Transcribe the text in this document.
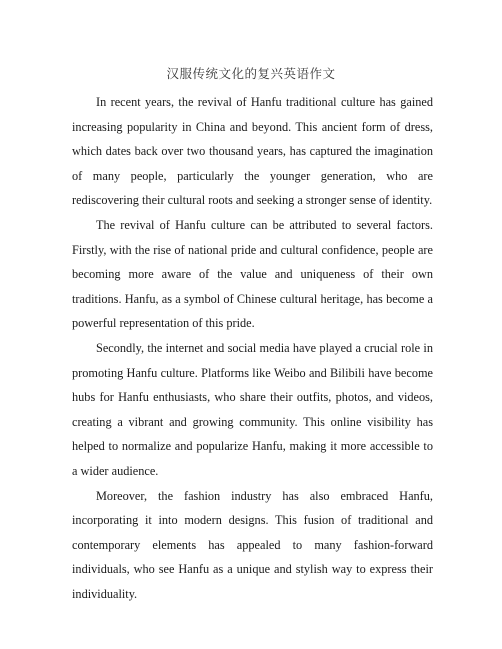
汉服传统文化的复兴英语作文

In recent years, the revival of Hanfu traditional culture has gained increasing popularity in China and beyond. This ancient form of dress, which dates back over two thousand years, has captured the imagination of many people, particularly the younger generation, who are rediscovering their cultural roots and seeking a stronger sense of identity.

The revival of Hanfu culture can be attributed to several factors. Firstly, with the rise of national pride and cultural confidence, people are becoming more aware of the value and uniqueness of their own traditions. Hanfu, as a symbol of Chinese cultural heritage, has become a powerful representation of this pride.

Secondly, the internet and social media have played a crucial role in promoting Hanfu culture. Platforms like Weibo and Bilibili have become hubs for Hanfu enthusiasts, who share their outfits, photos, and videos, creating a vibrant and growing community. This online visibility has helped to normalize and popularize Hanfu, making it more accessible to a wider audience.

Moreover, the fashion industry has also embraced Hanfu, incorporating it into modern designs. This fusion of traditional and contemporary elements has appealed to many fashion-forward individuals, who see Hanfu as a unique and stylish way to express their individuality.
